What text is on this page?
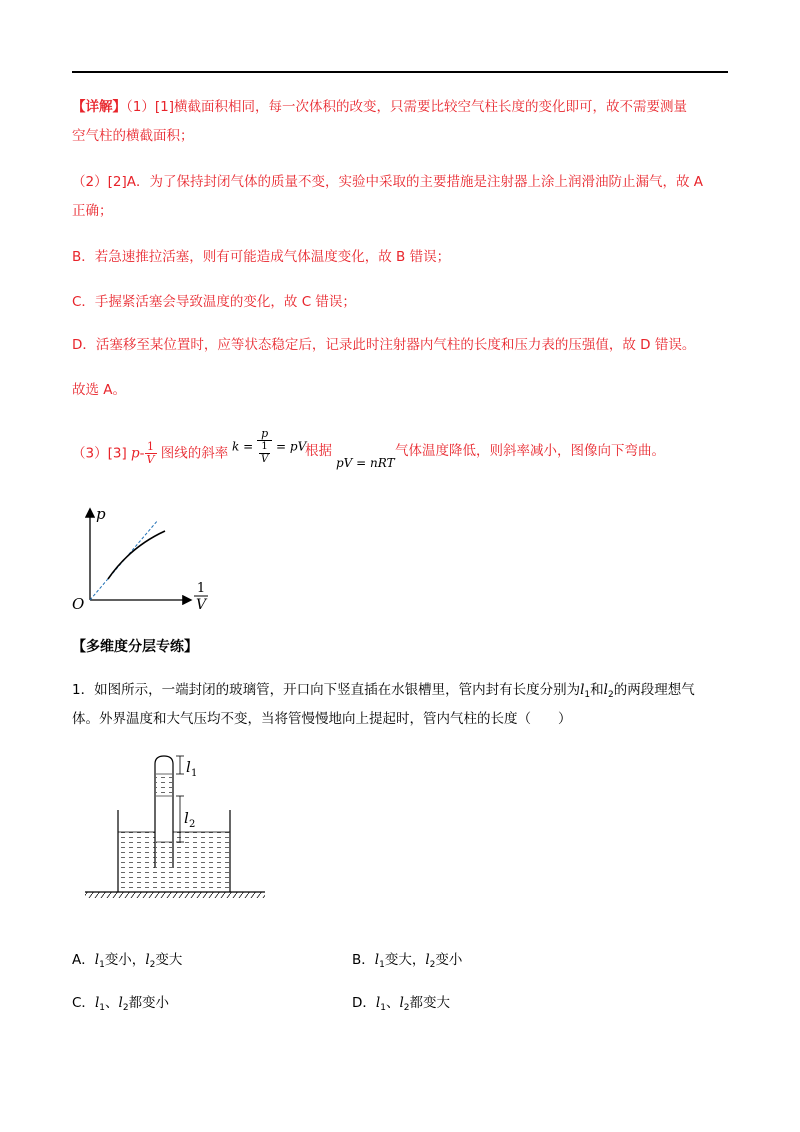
【详解】（1）[1]横截面积相同，每一次体积的改变，只需要比较空气柱长度的变化即可，故不需要测量
空气柱的横截面积；
（2）[2]A．为了保持封闭气体的质量不变，实验中采取的主要措施是注射器上涂上润滑油防止漏气，故 A
正确；
B．若急速推拉活塞，则有可能造成气体温度变化，故 B 错误；
C．手握紧活塞会导致温度的变化，故 C 错误；
D．活塞移至某位置时，应等状态稳定后，记录此时注射器内气柱的长度和压力表的压强值，故 D 错误。
故选 A。
（3）[3] $p- \frac{1}{V}$ 图线的斜率 $k = \frac{p}{\frac{1}{V}}$ = pV
根据
pV = nRT
气体温度降低，则斜率减小，图像向下弯曲。
p
O
1
V
【多维度分层专练】
1．如图所示，一端封闭的玻璃管，开口向下竖直插在水银槽里，管内封有长度分别为$l_1$和$l_2$的两段理想气
体。外界温度和大气压均不变，当将管慢慢地向上提起时，管内气柱的长度（　　）
l 1
l 2
A．$l_1$变小，$l_2$变大	B．$l_1$变大，$l_2$变小
C．$l_1$、$l_2$都变小	D．$l_1$、$l_2$都变大
